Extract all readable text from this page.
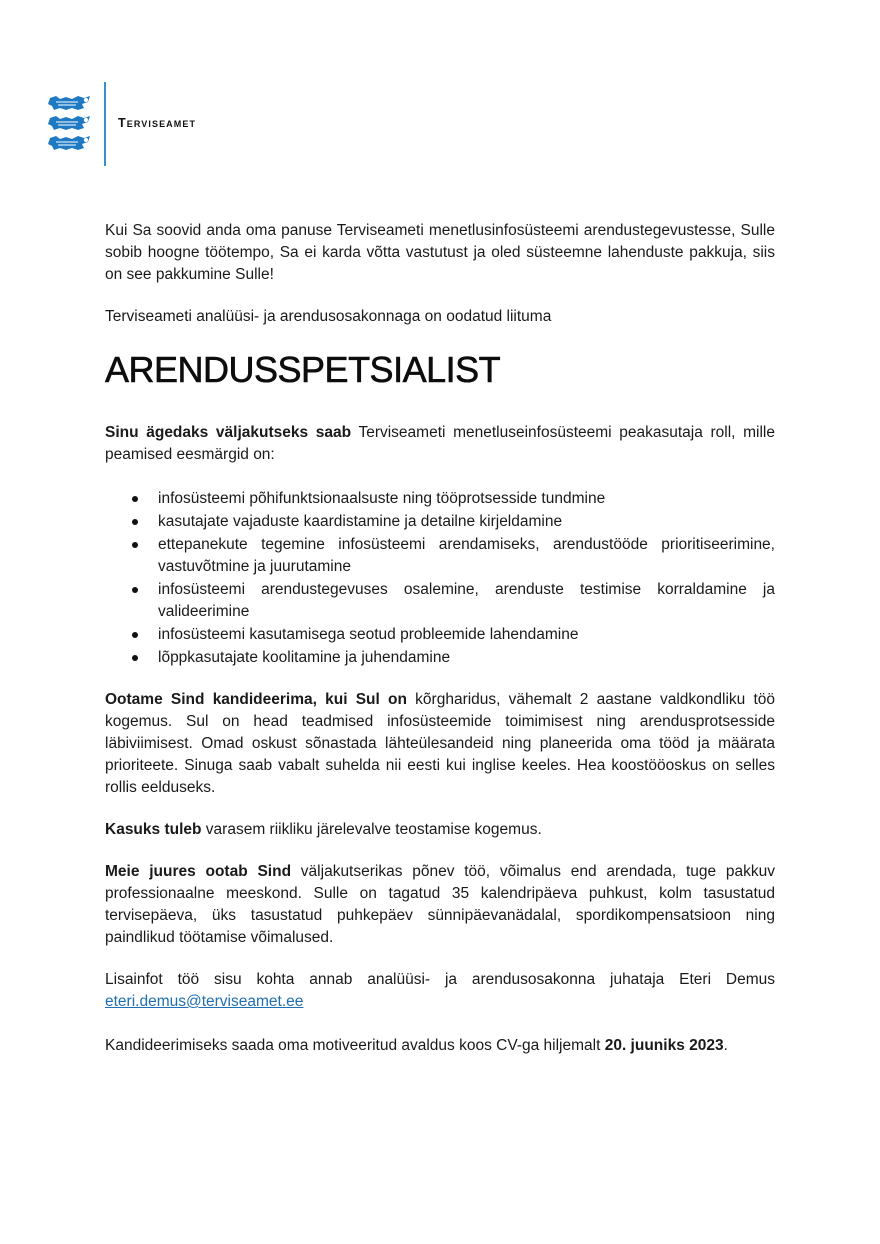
Terviseamet

Kui Sa soovid anda oma panuse Terviseameti menetlusinfosüsteemi arendustegevustesse, Sulle sobib hoogne töötempo, Sa ei karda võtta vastutust ja oled süsteemne lahenduste pakkuja, siis on see pakkumine Sulle!

Terviseameti analüüsi- ja arendusosakonnaga on oodatud liituma

ARENDUSSPETSIALIST

Sinu ägedaks väljakutseks saab Terviseameti menetluseinfosüsteemi peakasutaja roll, mille peamised eesmärgid on:

infosüsteemi põhifunktsionaalsuste ning tööprotsesside tundmine
kasutajate vajaduste kaardistamine ja detailne kirjeldamine
ettepanekute tegemine infosüsteemi arendamiseks, arendustööde prioritiseerimine, vastuvõtmine ja juurutamine
infosüsteemi arendustegevuses osalemine, arenduste testimise korraldamine ja valideerimine
infosüsteemi kasutamisega seotud probleemide lahendamine
lõppkasutajate koolitamine ja juhendamine

Ootame Sind kandideerima, kui Sul on kõrgharidus, vähemalt 2 aastane valdkondliku töö kogemus. Sul on head teadmised infosüsteemide toimimisest ning arendusprotsesside läbiviimisest. Omad oskust sõnastada lähteülesandeid ning planeerida oma tööd ja määrata prioriteete. Sinuga saab vabalt suhelda nii eesti kui inglise keeles. Hea koostööoskus on selles rollis eelduseks.

Kasuks tuleb varasem riikliku järelevalve teostamise kogemus.

Meie juures ootab Sind väljakutserikas põnev töö, võimalus end arendada, tuge pakkuv professionaalne meeskond. Sulle on tagatud 35 kalendripäeva puhkust, kolm tasustatud tervisepäeva, üks tasustatud puhkepäev sünnipäevanädalal, spordikompensatsioon ning paindlikud töötamise võimalused.

Lisainfot töö sisu kohta annab analüüsi- ja arendusosakonna juhataja Eteri Demus eteri.demus@terviseamet.ee

Kandideerimiseks saada oma motiveeritud avaldus koos CV-ga hiljemalt 20. juuniks 2023.
